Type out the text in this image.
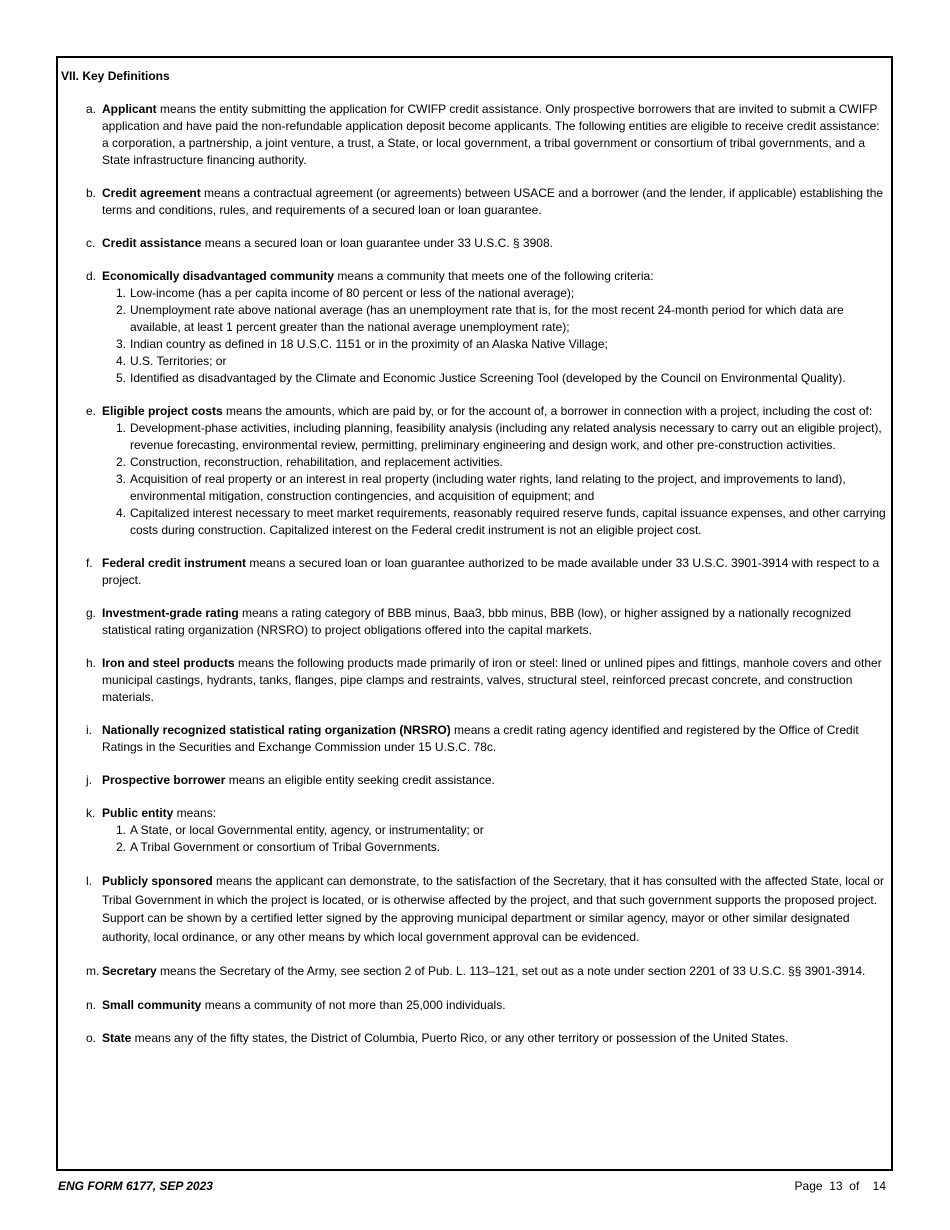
VII. Key Definitions
a. Applicant means the entity submitting the application for CWIFP credit assistance. Only prospective borrowers that are invited to submit a CWIFP application and have paid the non-refundable application deposit become applicants. The following entities are eligible to receive credit assistance: a corporation, a partnership, a joint venture, a trust, a State, or local government, a tribal government or consortium of tribal governments, and a State infrastructure financing authority.
b. Credit agreement means a contractual agreement (or agreements) between USACE and a borrower (and the lender, if applicable) establishing the terms and conditions, rules, and requirements of a secured loan or loan guarantee.
c. Credit assistance means a secured loan or loan guarantee under 33 U.S.C. § 3908.
d. Economically disadvantaged community means a community that meets one of the following criteria:
1. Low-income (has a per capita income of 80 percent or less of the national average);
2. Unemployment rate above national average (has an unemployment rate that is, for the most recent 24-month period for which data are available, at least 1 percent greater than the national average unemployment rate);
3. Indian country as defined in 18 U.S.C. 1151 or in the proximity of an Alaska Native Village;
4. U.S. Territories; or
5. Identified as disadvantaged by the Climate and Economic Justice Screening Tool (developed by the Council on Environmental Quality).
e. Eligible project costs means the amounts, which are paid by, or for the account of, a borrower in connection with a project, including the cost of:
1. Development-phase activities, including planning, feasibility analysis (including any related analysis necessary to carry out an eligible project), revenue forecasting, environmental review, permitting, preliminary engineering and design work, and other pre-construction activities.
2. Construction, reconstruction, rehabilitation, and replacement activities.
3. Acquisition of real property or an interest in real property (including water rights, land relating to the project, and improvements to land), environmental mitigation, construction contingencies, and acquisition of equipment; and
4. Capitalized interest necessary to meet market requirements, reasonably required reserve funds, capital issuance expenses, and other carrying costs during construction. Capitalized interest on the Federal credit instrument is not an eligible project cost.
f. Federal credit instrument means a secured loan or loan guarantee authorized to be made available under 33 U.S.C. 3901-3914 with respect to a project.
g. Investment-grade rating means a rating category of BBB minus, Baa3, bbb minus, BBB (low), or higher assigned by a nationally recognized statistical rating organization (NRSRO) to project obligations offered into the capital markets.
h. Iron and steel products means the following products made primarily of iron or steel: lined or unlined pipes and fittings, manhole covers and other municipal castings, hydrants, tanks, flanges, pipe clamps and restraints, valves, structural steel, reinforced precast concrete, and construction materials.
i. Nationally recognized statistical rating organization (NRSRO) means a credit rating agency identified and registered by the Office of Credit Ratings in the Securities and Exchange Commission under 15 U.S.C. 78c.
j. Prospective borrower means an eligible entity seeking credit assistance.
k. Public entity means:
1. A State, or local Governmental entity, agency, or instrumentality; or
2. A Tribal Government or consortium of Tribal Governments.
l. Publicly sponsored means the applicant can demonstrate, to the satisfaction of the Secretary, that it has consulted with the affected State, local or Tribal Government in which the project is located, or is otherwise affected by the project, and that such government supports the proposed project. Support can be shown by a certified letter signed by the approving municipal department or similar agency, mayor or other similar designated authority, local ordinance, or any other means by which local government approval can be evidenced.
m. Secretary means the Secretary of the Army, see section 2 of Pub. L. 113–121, set out as a note under section 2201 of 33 U.S.C. §§ 3901-3914.
n. Small community means a community of not more than 25,000 individuals.
o. State means any of the fifty states, the District of Columbia, Puerto Rico, or any other territory or possession of the United States.
ENG FORM 6177, SEP 2023	Page 13 of 14
